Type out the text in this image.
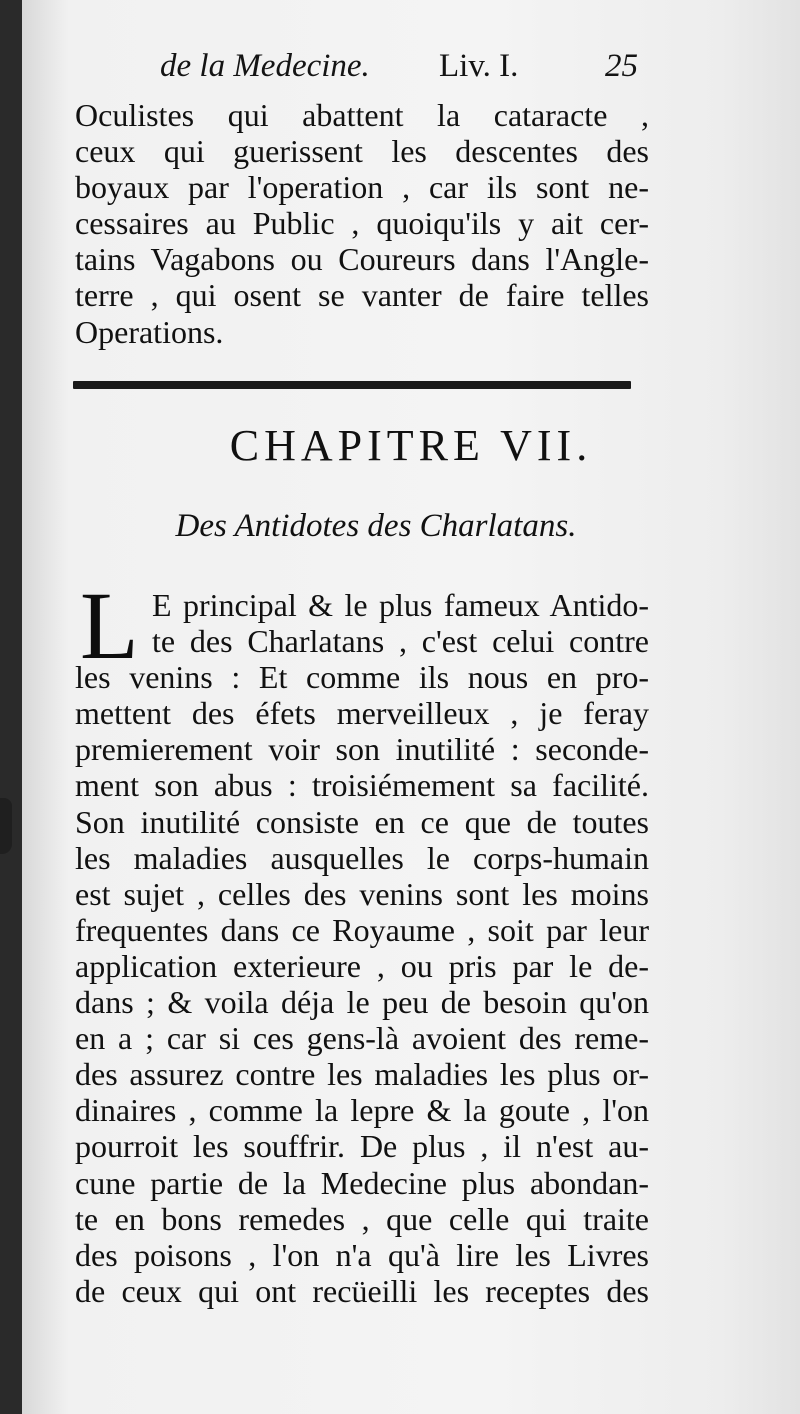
de la Medecine. Liv. I.	25
Oculistes qui abattent la cataracte ,
ceux qui guerissent les descentes des
boyaux par l'operation , car ils sont ne-
cessaires au Public , quoiqu'ils y ait cer-
tains Vagabons ou Coureurs dans l'Angle-
terre , qui osent se vanter de faire telles
Operations.
CHAPITRE VII.
Des Antidotes des Charlatans.
L E principal & le plus fameux Antido-
te des Charlatans , c'est celui contre
les venins : Et comme ils nous en pro-
mettent des éfets merveilleux , je feray
premierement voir son inutilité : seconde-
ment son abus : troisiémement sa facilité.
Son inutilité consiste en ce que de toutes
les maladies ausquelles le corps-humain
est sujet , celles des venins sont les moins
frequentes dans ce Royaume , soit par leur
application exterieure , ou pris par le de-
dans ; & voila déja le peu de besoin qu'on
en a ; car si ces gens-là avoient des reme-
des assurez contre les maladies les plus or-
dinaires , comme la lepre & la goute , l'on
pourroit les souffrir. De plus , il n'est au-
cune partie de la Medecine plus abondan-
te en bons remedes , que celle qui traite
des poisons , l'on n'a qu'à lire les Livres
de ceux qui ont recüeilli les receptes des
